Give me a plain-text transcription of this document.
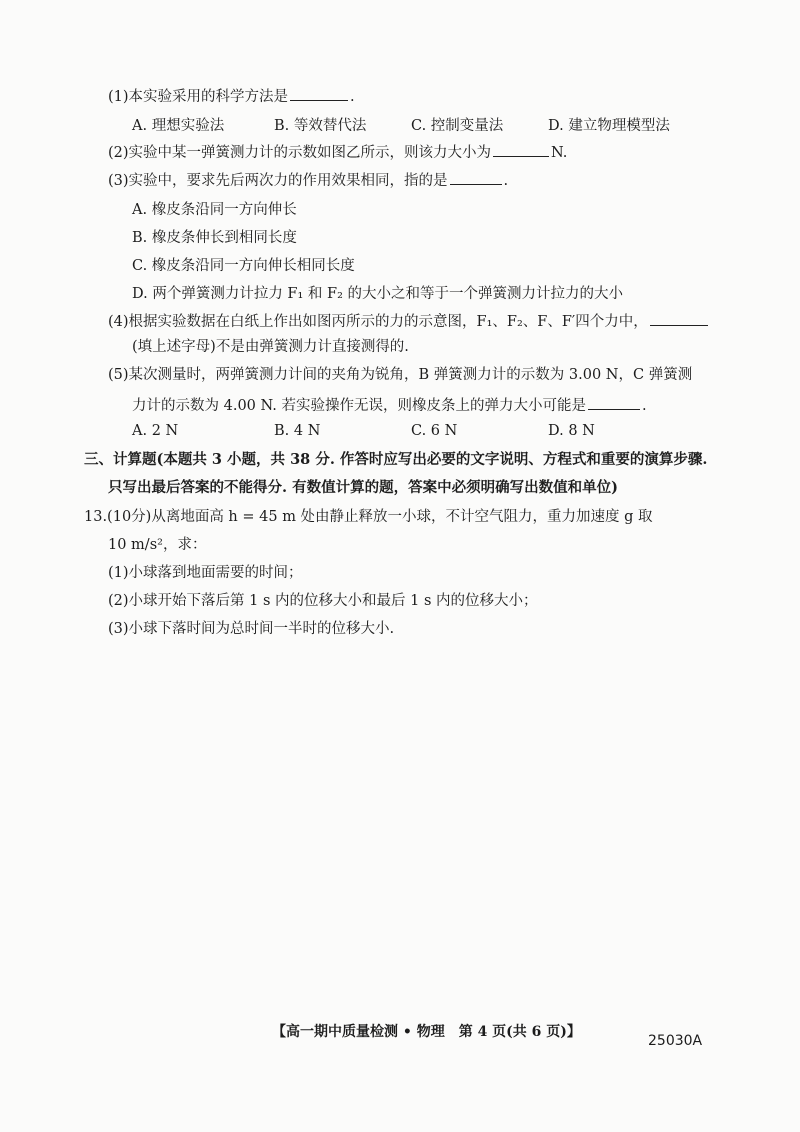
(1)本实验采用的科学方法是	.
A. 理想实验法	B. 等效替代法	C. 控制变量法	D. 建立物理模型法
(2)实验中某一弹簧测力计的示数如图乙所示，则该力大小为	N.
(3)实验中，要求先后两次力的作用效果相同，指的是	.
A. 橡皮条沿同一方向伸长
B. 橡皮条伸长到相同长度
C. 橡皮条沿同一方向伸长相同长度
D. 两个弹簧测力计拉力 F₁ 和 F₂ 的大小之和等于一个弹簧测力计拉力的大小
(4)根据实验数据在白纸上作出如图丙所示的力的示意图，F₁、F₂、F、F′四个力中，
(填上述字母)不是由弹簧测力计直接测得的.
(5)某次测量时，两弹簧测力计间的夹角为锐角，B 弹簧测力计的示数为 3.00 N，C 弹簧测
力计的示数为 4.00 N. 若实验操作无误，则橡皮条上的弹力大小可能是	.
A. 2 N	B. 4 N	C. 6 N	D. 8 N
三、计算题(本题共 3 小题，共 38 分. 作答时应写出必要的文字说明、方程式和重要的演算步骤.
只写出最后答案的不能得分. 有数值计算的题，答案中必须明确写出数值和单位)
13.(10分)从离地面高 h = 45 m 处由静止释放一小球，不计空气阻力，重力加速度 g 取
10 m/s²，求：
(1)小球落到地面需要的时间；
(2)小球开始下落后第 1 s 内的位移大小和最后 1 s 内的位移大小；
(3)小球下落时间为总时间一半时的位移大小.
【高一期中质量检测 • 物理　第 4 页(共 6 页)】
25030A
